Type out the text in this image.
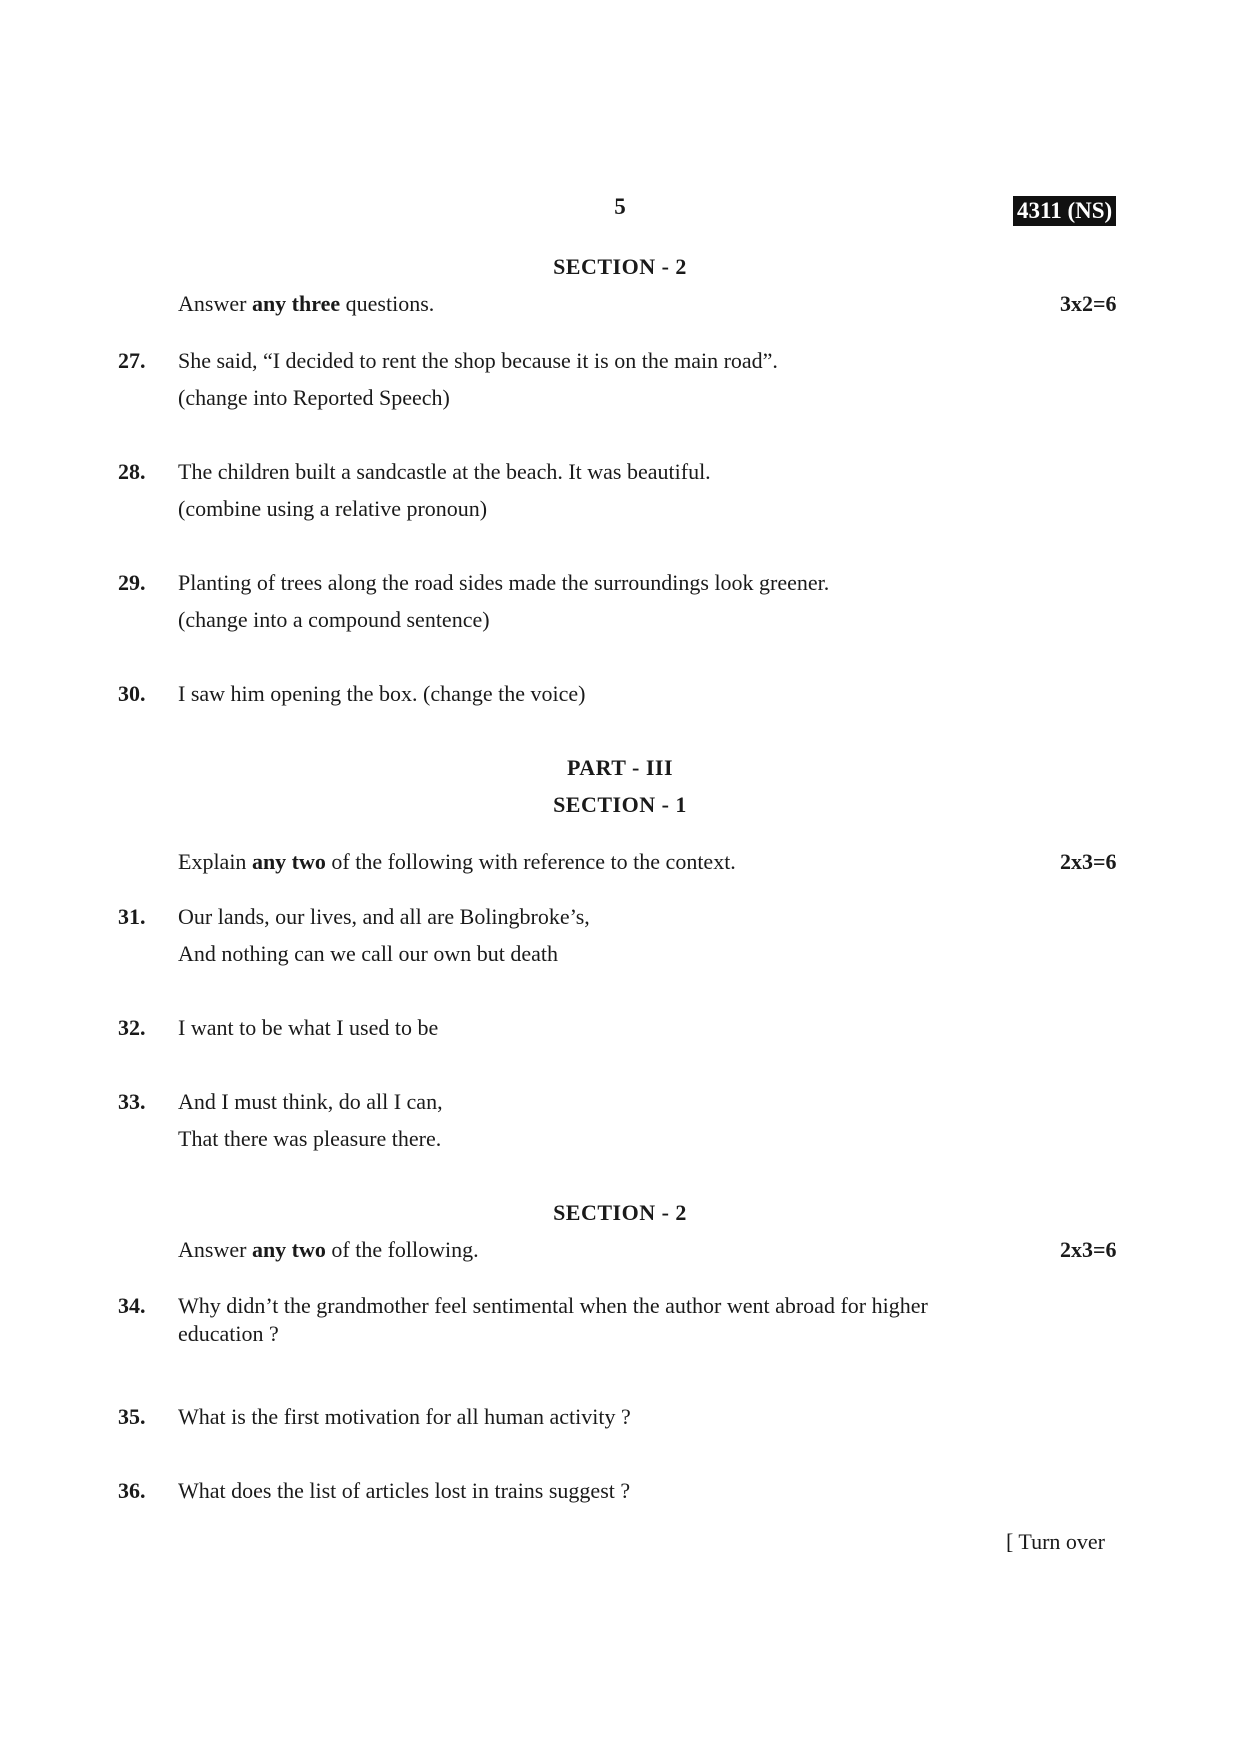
5	4311 (NS)
SECTION - 2
Answer any three questions.	3x2=6
27. She said, “I decided to rent the shop because it is on the main road”.
(change into Reported Speech)
28. The children built a sandcastle at the beach. It was beautiful.
(combine using a relative pronoun)
29. Planting of trees along the road sides made the surroundings look greener.
(change into a compound sentence)
30. I saw him opening the box. (change the voice)
PART - III
SECTION - 1
Explain any two of the following with reference to the context.	2x3=6
31. Our lands, our lives, and all are Bolingbroke’s,
And nothing can we call our own but death
32. I want to be what I used to be
33. And I must think, do all I can,
That there was pleasure there.
SECTION - 2
Answer any two of the following.	2x3=6
34. Why didn’t the grandmother feel sentimental when the author went abroad for higher
education ?
35. What is the first motivation for all human activity ?
36. What does the list of articles lost in trains suggest ?
[ Turn over
